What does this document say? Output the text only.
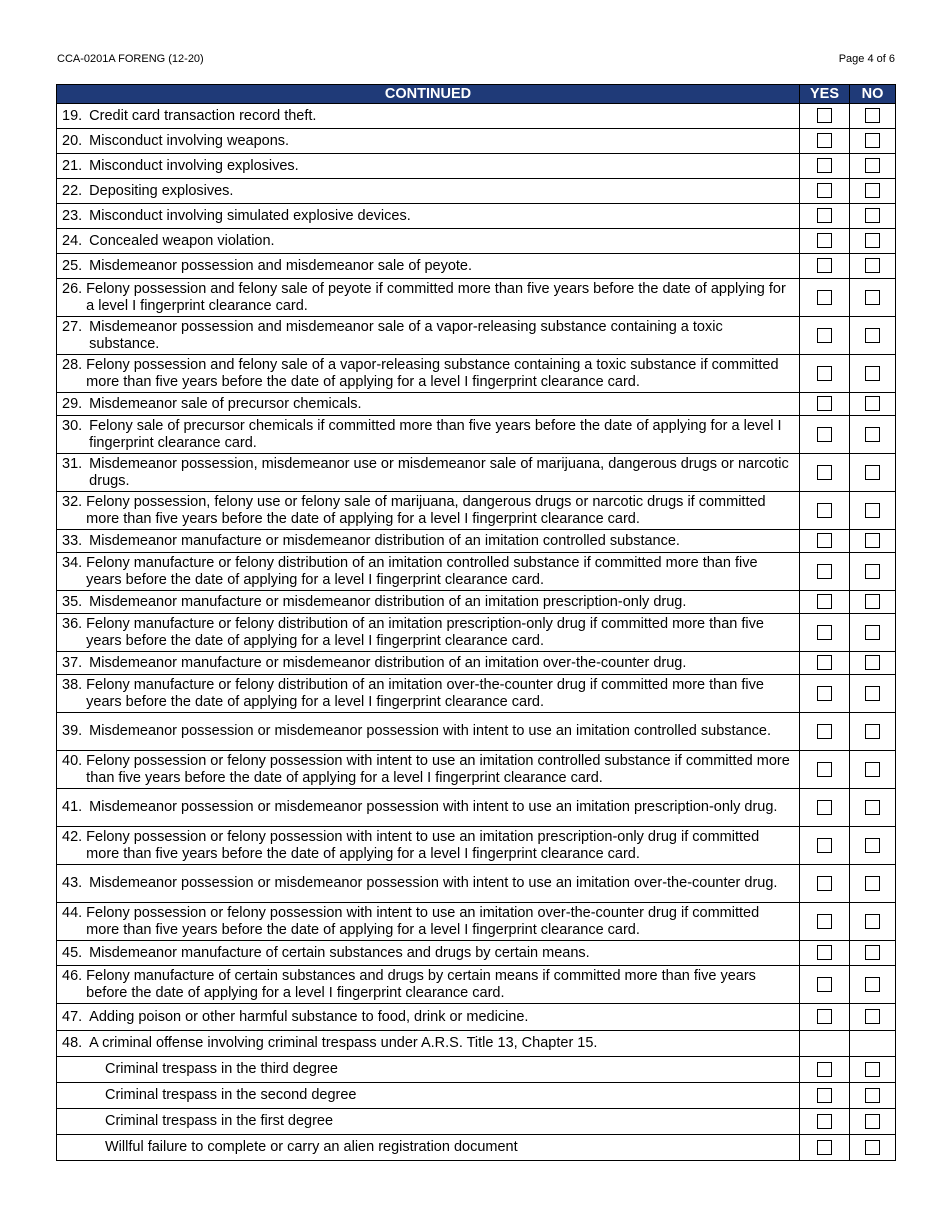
CCA-0201A FORENG (12-20)	Page 4 of 6
CONTINUED	YES	NO

19. Credit card transaction record theft.		

20. Misconduct involving weapons.		

21. Misconduct involving explosives.		

22. Depositing explosives.		

23. Misconduct involving simulated explosive devices.		

24. Concealed weapon violation.		

25. Misdemeanor possession and misdemeanor sale of peyote.		

26. Felony possession and felony sale of peyote if committed more than five years before the date of applying for a level I fingerprint clearance card.		

27. Misdemeanor possession and misdemeanor sale of a vapor-releasing substance containing a toxic substance.		

28. Felony possession and felony sale of a vapor-releasing substance containing a toxic substance if committed more than five years before the date of applying for a level I fingerprint clearance card.		

29. Misdemeanor sale of precursor chemicals.		

30. Felony sale of precursor chemicals if committed more than five years before the date of applying for a level I fingerprint clearance card.		

31. Misdemeanor possession, misdemeanor use or misdemeanor sale of marijuana, dangerous drugs or narcotic drugs.		

32. Felony possession, felony use or felony sale of marijuana, dangerous drugs or narcotic drugs if committed more than five years before the date of applying for a level I fingerprint clearance card.		

33. Misdemeanor manufacture or misdemeanor distribution of an imitation controlled substance.		

34. Felony manufacture or felony distribution of an imitation controlled substance if committed more than five years before the date of applying for a level I fingerprint clearance card.		

35. Misdemeanor manufacture or misdemeanor distribution of an imitation prescription-only drug.		

36. Felony manufacture or felony distribution of an imitation prescription-only drug if committed more than five years before the date of applying for a level I fingerprint clearance card.		

37. Misdemeanor manufacture or misdemeanor distribution of an imitation over-the-counter drug.		

38. Felony manufacture or felony distribution of an imitation over-the-counter drug if committed more than five years before the date of applying for a level I fingerprint clearance card.		

39. Misdemeanor possession or misdemeanor possession with intent to use an imitation controlled substance.		

40. Felony possession or felony possession with intent to use an imitation controlled substance if committed more than five years before the date of applying for a level I fingerprint clearance card.		

41. Misdemeanor possession or misdemeanor possession with intent to use an imitation prescription-only drug.		

42. Felony possession or felony possession with intent to use an imitation prescription-only drug if committed more than five years before the date of applying for a level I fingerprint clearance card.		

43. Misdemeanor possession or misdemeanor possession with intent to use an imitation over-the-counter drug.		

44. Felony possession or felony possession with intent to use an imitation over-the-counter drug if committed more than five years before the date of applying for a level I fingerprint clearance card.		

45. Misdemeanor manufacture of certain substances and drugs by certain means.		

46. Felony manufacture of certain substances and drugs by certain means if committed more than five years before the date of applying for a level I fingerprint clearance card.		

47. Adding poison or other harmful substance to food, drink or medicine.		

48. A criminal offense involving criminal trespass under A.R.S. Title 13, Chapter 15.		

Criminal trespass in the third degree		

Criminal trespass in the second degree		

Criminal trespass in the first degree		

Willful failure to complete or carry an alien registration document		
